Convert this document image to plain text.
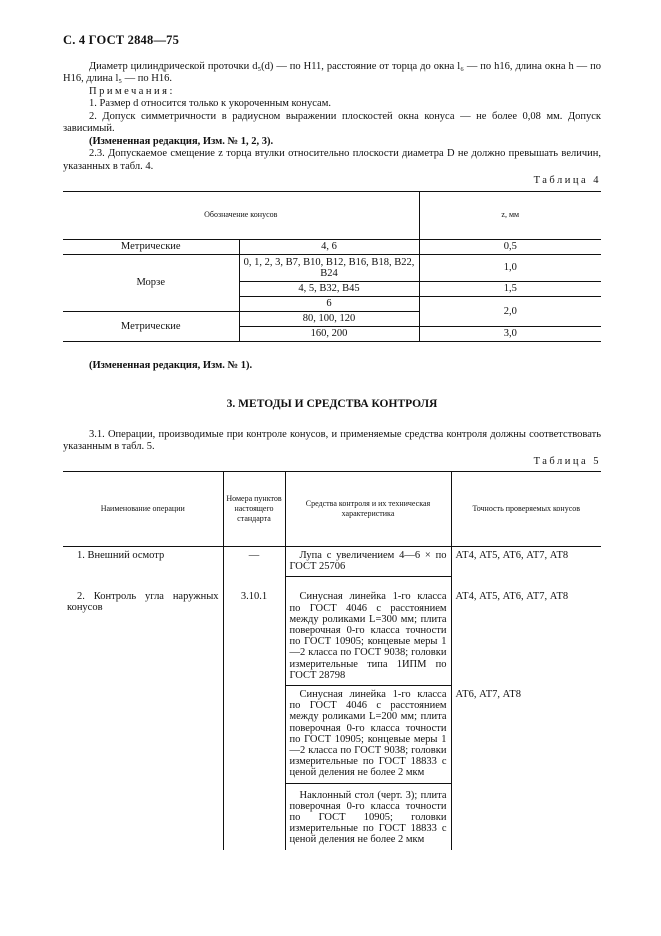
С. 4 ГОСТ 2848—75

Диаметр цилиндрической проточки d₅(d) — по H11, расстояние от торца до окна l₆ — по h16, длина окна h — по H16, длина l₅ — по H16.

Примечания:

1. Размер d относится только к укороченным конусам.

2. Допуск симметричности в радиусном выражении плоскостей окна конуса — не более 0,08 мм. Допуск зависимый.

(Измененная редакция, Изм. № 1, 2, 3).

2.3. Допускаемое смещение z торца втулки относительно плоскости диаметра D не должно превышать величин, указанных в табл. 4.

Таблица 4
Обозначение конусов		z, мм
Метрические	4, 6	0,5
Морзе	0, 1, 2, 3, B7, B10, B12, B16, B18, B22, B24	1,0
	4, 5, B32, B45	1,5
	6	2,0
Метрические	80, 100, 120	
	160, 200	3,0

(Измененная редакция, Изм. № 1).

3. МЕТОДЫ И СРЕДСТВА КОНТРОЛЯ

3.1. Операции, производимые при контроле конусов, и применяемые средства контроля должны соответствовать указанным в табл. 5.

Таблица 5
Наименование операции	Номера пунктов настоящего стандарта	Средства контроля и их техническая характеристика	Точность проверяемых конусов

1. Внешний осмотр	—	Лупа с увеличением 4—6 × по ГОСТ 25706	АТ4, АТ5, АТ6, АТ7, АТ8

2. Контроль угла наружных конусов	3.10.1	Синусная линейка 1-го класса по ГОСТ 4046 с расстоянием между роликами L=300 мм; плита поверочная 0-го класса точности по ГОСТ 10905; концевые меры 1—2 класса по ГОСТ 9038; головки измерительные типа 1ИПМ по ГОСТ 28798	АТ4, АТ5, АТ6, АТ7, АТ8

		Синусная линейка 1-го класса по ГОСТ 4046 с расстоянием между роликами L=200 мм; плита поверочная 0-го класса точности по ГОСТ 10905; концевые меры 1—2 класса по ГОСТ 9038; головки измерительные по ГОСТ 18833 с ценой деления не более 2 мкм	АТ6, АТ7, АТ8

		Наклонный стол (черт. 3); плита поверочная 0-го класса точности по ГОСТ 10905; головки измерительные по ГОСТ 18833 с ценой деления не более 2 мкм	
